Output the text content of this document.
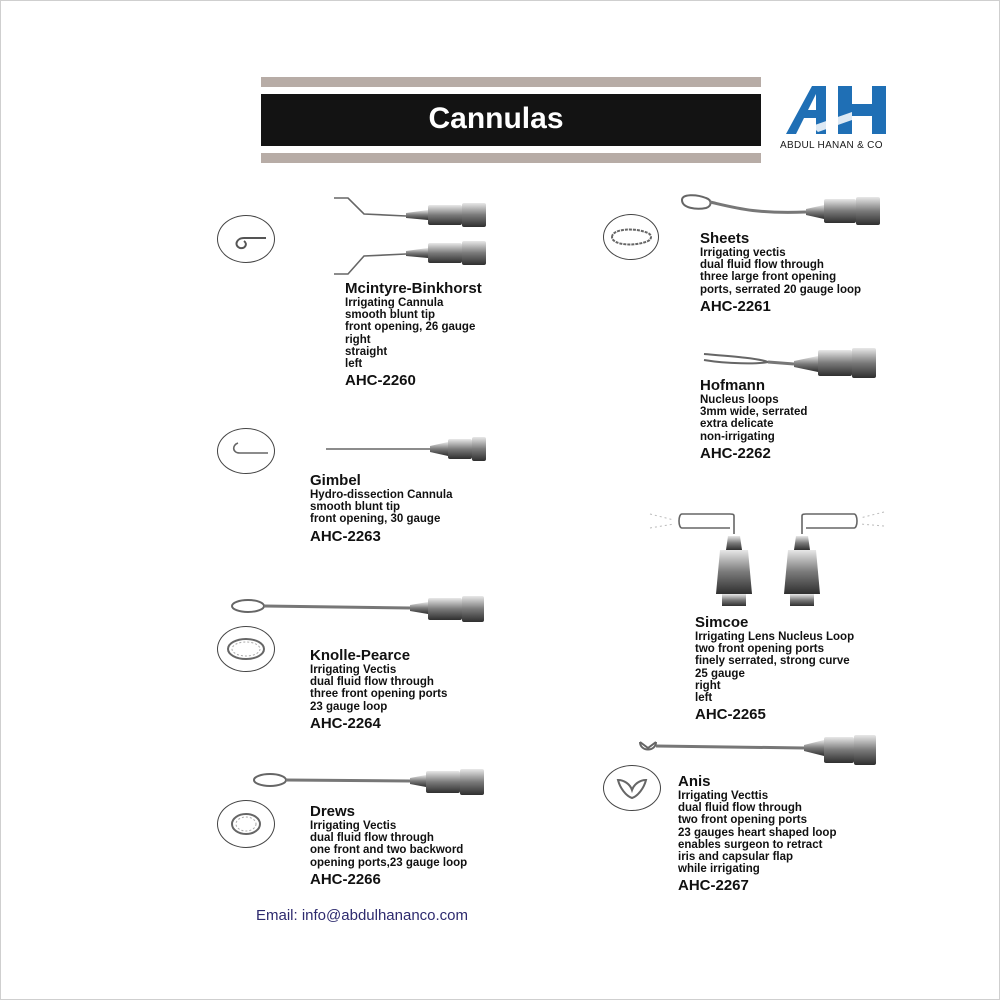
Cannulas
ABDUL HANAN & CO
Mcintyre-Binkhorst
Irrigating Cannula
smooth blunt tip
front opening, 26 gauge
right
straight
left
AHC-2260
Gimbel
Hydro-dissection Cannula
smooth blunt tip
front opening, 30 gauge
AHC-2263
Knolle-Pearce
Irrigating Vectis
dual fluid flow through
three front opening ports
23 gauge loop
AHC-2264
Drews
Irrigating Vectis
dual fluid flow through
one front and two backword
opening ports,23 gauge loop
AHC-2266
Sheets
Irrigating vectis
dual fluid flow through
three large front opening
ports, serrated 20 gauge loop
AHC-2261
Hofmann
Nucleus loops
3mm wide, serrated
extra delicate
non-irrigating
AHC-2262
Simcoe
Irrigating Lens Nucleus Loop
two front opening ports
finely serrated, strong curve
25 gauge
right
left
AHC-2265
Anis
Irrigating Vecttis
dual fluid flow through
two front opening ports
23 gauges heart shaped loop
enables surgeon to retract
iris and capsular flap
while irrigating
AHC-2267
Email: info@abdulhananco.com
